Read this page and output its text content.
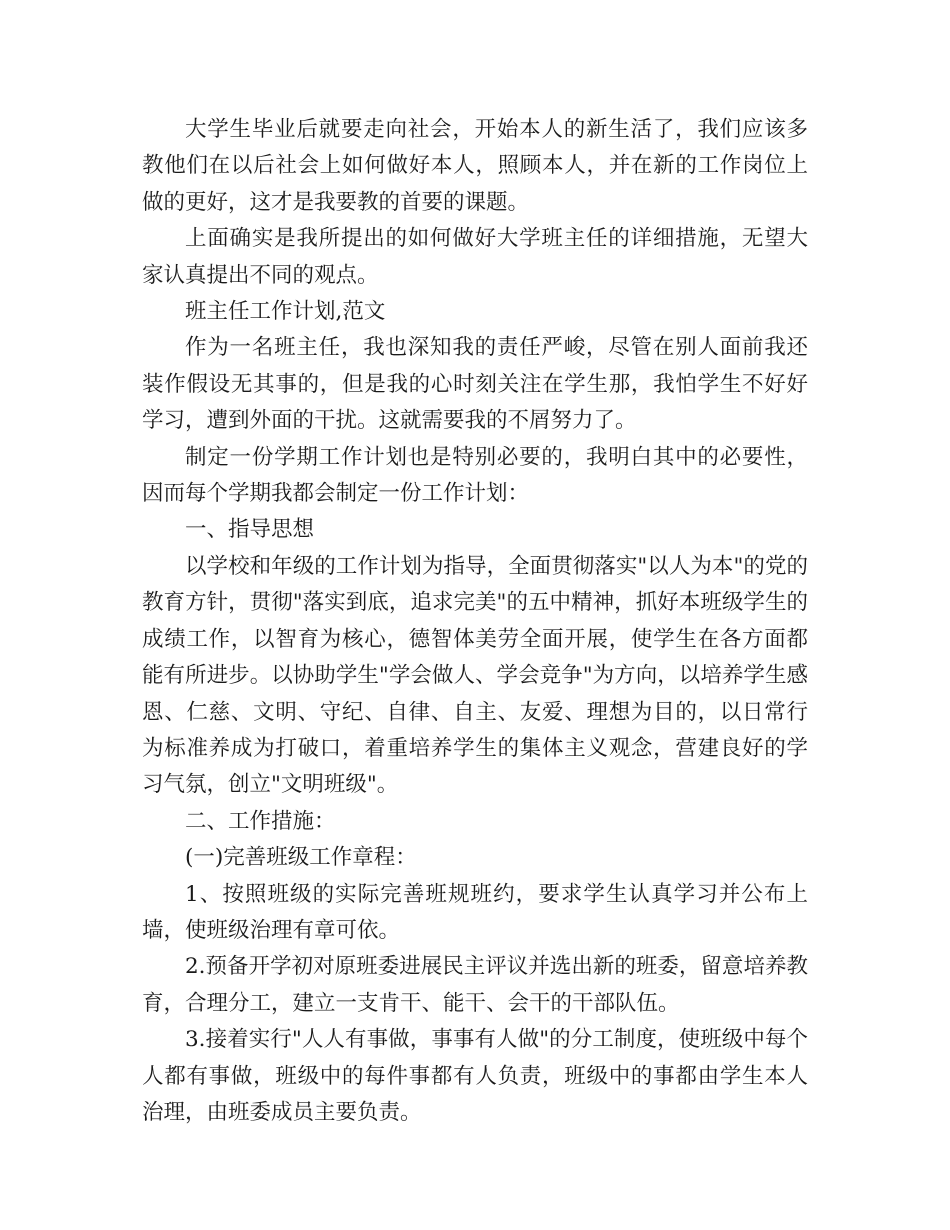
大学生毕业后就要走向社会，开始本人的新生活了，我们应该多教他们在以后社会上如何做好本人，照顾本人，并在新的工作岗位上做的更好，这才是我要教的首要的课题。

上面确实是我所提出的如何做好大学班主任的详细措施，无望大家认真提出不同的观点。

班主任工作计划,范文

作为一名班主任，我也深知我的责任严峻，尽管在别人面前我还装作假设无其事的，但是我的心时刻关注在学生那，我怕学生不好好学习，遭到外面的干扰。这就需要我的不屑努力了。

制定一份学期工作计划也是特别必要的，我明白其中的必要性，因而每个学期我都会制定一份工作计划：

一、指导思想

以学校和年级的工作计划为指导，全面贯彻落实"以人为本"的党的教育方针，贯彻"落实到底，追求完美"的五中精神，抓好本班级学生的成绩工作，以智育为核心，德智体美劳全面开展，使学生在各方面都能有所进步。以协助学生"学会做人、学会竞争"为方向，以培养学生感恩、仁慈、文明、守纪、自律、自主、友爱、理想为目的，以日常行为标准养成为打破口，着重培养学生的集体主义观念，营建良好的学习气氛，创立"文明班级"。

二、工作措施：

(一)完善班级工作章程：

1、按照班级的实际完善班规班约，要求学生认真学习并公布上墙，使班级治理有章可依。

2.预备开学初对原班委进展民主评议并选出新的班委，留意培养教育，合理分工，建立一支肯干、能干、会干的干部队伍。

3.接着实行"人人有事做，事事有人做"的分工制度，使班级中每个人都有事做，班级中的每件事都有人负责，班级中的事都由学生本人治理，由班委成员主要负责。
